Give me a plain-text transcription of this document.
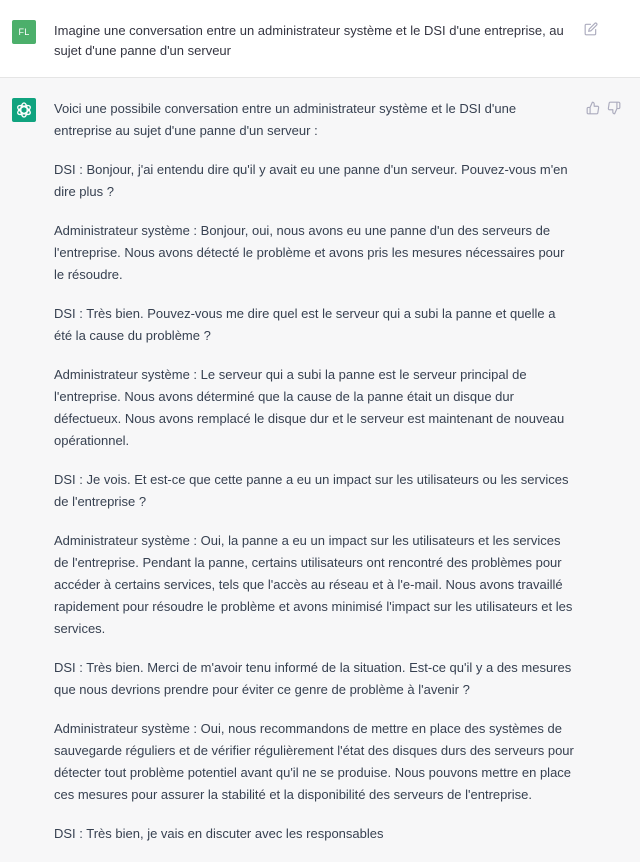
FL	Imagine une conversation entre un administrateur système et le DSI d'une entreprise, au sujet d'une panne d'un serveur

Voici une possibile conversation entre un administrateur système et le DSI d'une entreprise au sujet d'une panne d'un serveur :

DSI : Bonjour, j'ai entendu dire qu'il y avait eu une panne d'un serveur. Pouvez-vous m'en dire plus ?

Administrateur système : Bonjour, oui, nous avons eu une panne d'un des serveurs de l'entreprise. Nous avons détecté le problème et avons pris les mesures nécessaires pour le résoudre.

DSI : Très bien. Pouvez-vous me dire quel est le serveur qui a subi la panne et quelle a été la cause du problème ?

Administrateur système : Le serveur qui a subi la panne est le serveur principal de l'entreprise. Nous avons déterminé que la cause de la panne était un disque dur défectueux. Nous avons remplacé le disque dur et le serveur est maintenant de nouveau opérationnel.

DSI : Je vois. Et est-ce que cette panne a eu un impact sur les utilisateurs ou les services de l'entreprise ?

Administrateur système : Oui, la panne a eu un impact sur les utilisateurs et les services de l'entreprise. Pendant la panne, certains utilisateurs ont rencontré des problèmes pour accéder à certains services, tels que l'accès au réseau et à l'e-mail. Nous avons travaillé rapidement pour résoudre le problème et avons minimisé l'impact sur les utilisateurs et les services.

DSI : Très bien. Merci de m'avoir tenu informé de la situation. Est-ce qu'il y a des mesures que nous devrions prendre pour éviter ce genre de problème à l'avenir ?

Administrateur système : Oui, nous recommandons de mettre en place des systèmes de sauvegarde réguliers et de vérifier régulièrement l'état des disques durs des serveurs pour détecter tout problème potentiel avant qu'il ne se produise. Nous pouvons mettre en place ces mesures pour assurer la stabilité et la disponibilité des serveurs de l'entreprise.

DSI : Très bien, je vais en discuter avec les responsables
